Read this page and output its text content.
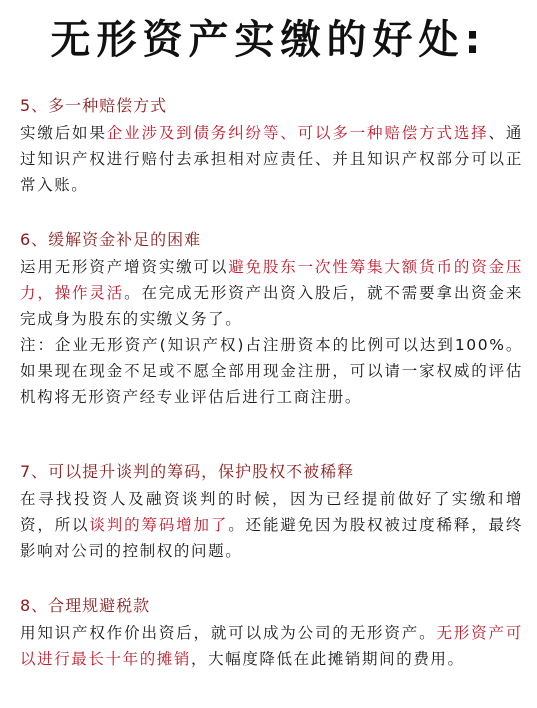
无形资产实缴的好处:

5、多一种赔偿方式

实缴后如果企业涉及到债务纠纷等、可以多一种赔偿方式选择、通过知识产权进行赔付去承担相对应责任、并且知识产权部分可以正常入账。

6、缓解资金补足的困难

运用无形资产增资实缴可以避免股东一次性筹集大额货币的资金压力，操作灵活。在完成无形资产出资入股后，就不需要拿出资金来完成身为股东的实缴义务了。

注：企业无形资产(知识产权)占注册资本的比例可以达到100%。如果现在现金不足或不愿全部用现金注册，可以请一家权威的评估机构将无形资产经专业评估后进行工商注册。

7、可以提升谈判的筹码，保护股权不被稀释

在寻找投资人及融资谈判的时候，因为已经提前做好了实缴和增资，所以谈判的筹码增加了。还能避免因为股权被过度稀释，最终影响对公司的控制权的问题。

8、合理规避税款

用知识产权作价出资后，就可以成为公司的无形资产。无形资产可以进行最长十年的摊销，大幅度降低在此摊销期间的费用。
